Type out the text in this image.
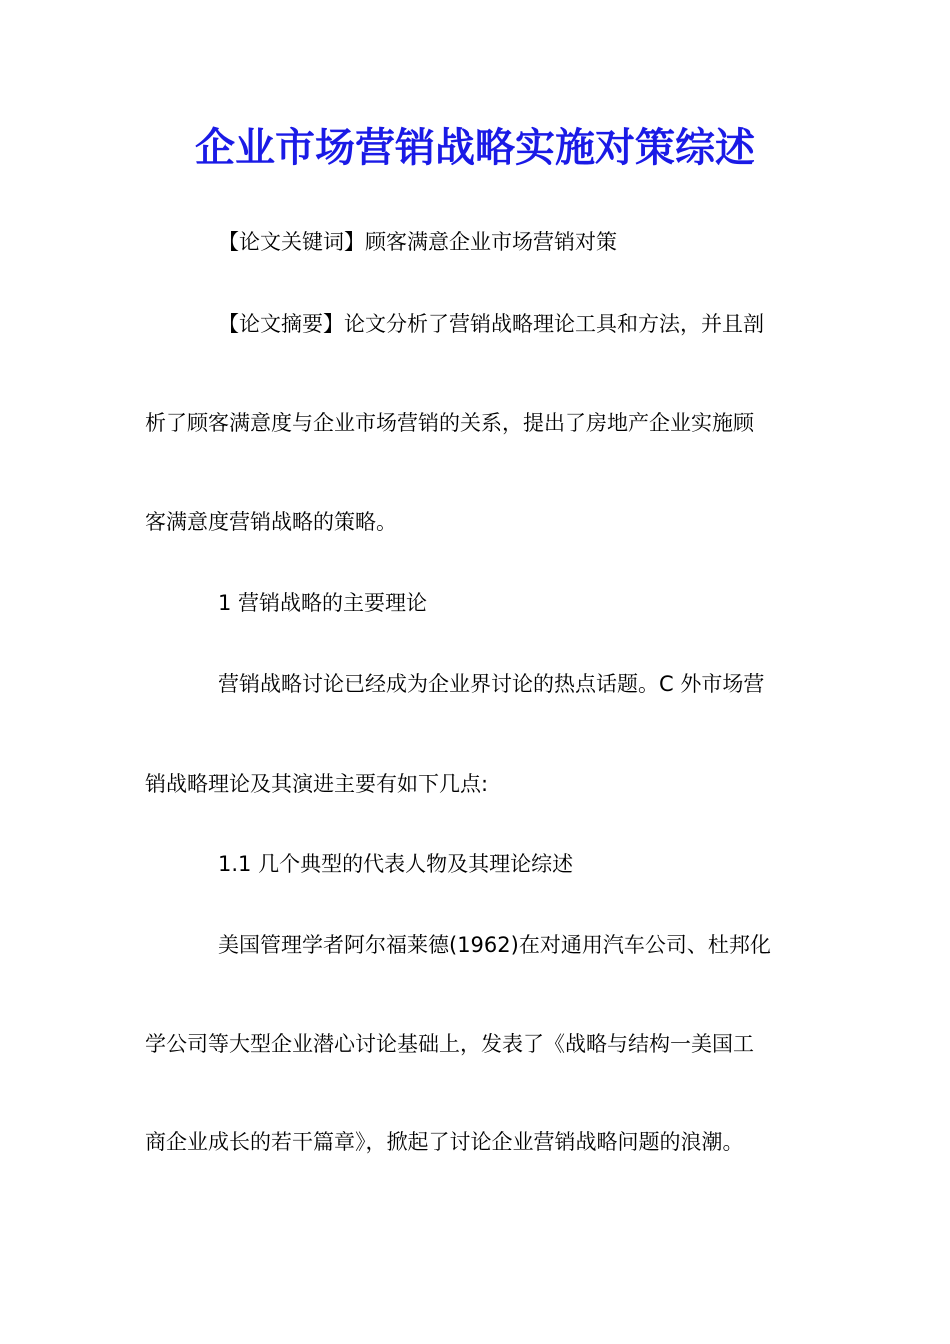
企业市场营销战略实施对策综述

【论文关键词】顾客满意企业市场营销对策

【论文摘要】论文分析了营销战略理论工具和方法，并且剖

析了顾客满意度与企业市场营销的关系，提出了房地产企业实施顾

客满意度营销战略的策略。

1 营销战略的主要理论

营销战略讨论已经成为企业界讨论的热点话题。C 外市场营

销战略理论及其演进主要有如下几点:

1.1 几个典型的代表人物及其理论综述

美国管理学者阿尔福莱德(1962)在对通用汽车公司、杜邦化

学公司等大型企业潜心讨论基础上，发表了《战略与结构一美国工

商企业成长的若干篇章》，掀起了讨论企业营销战略问题的浪潮。
